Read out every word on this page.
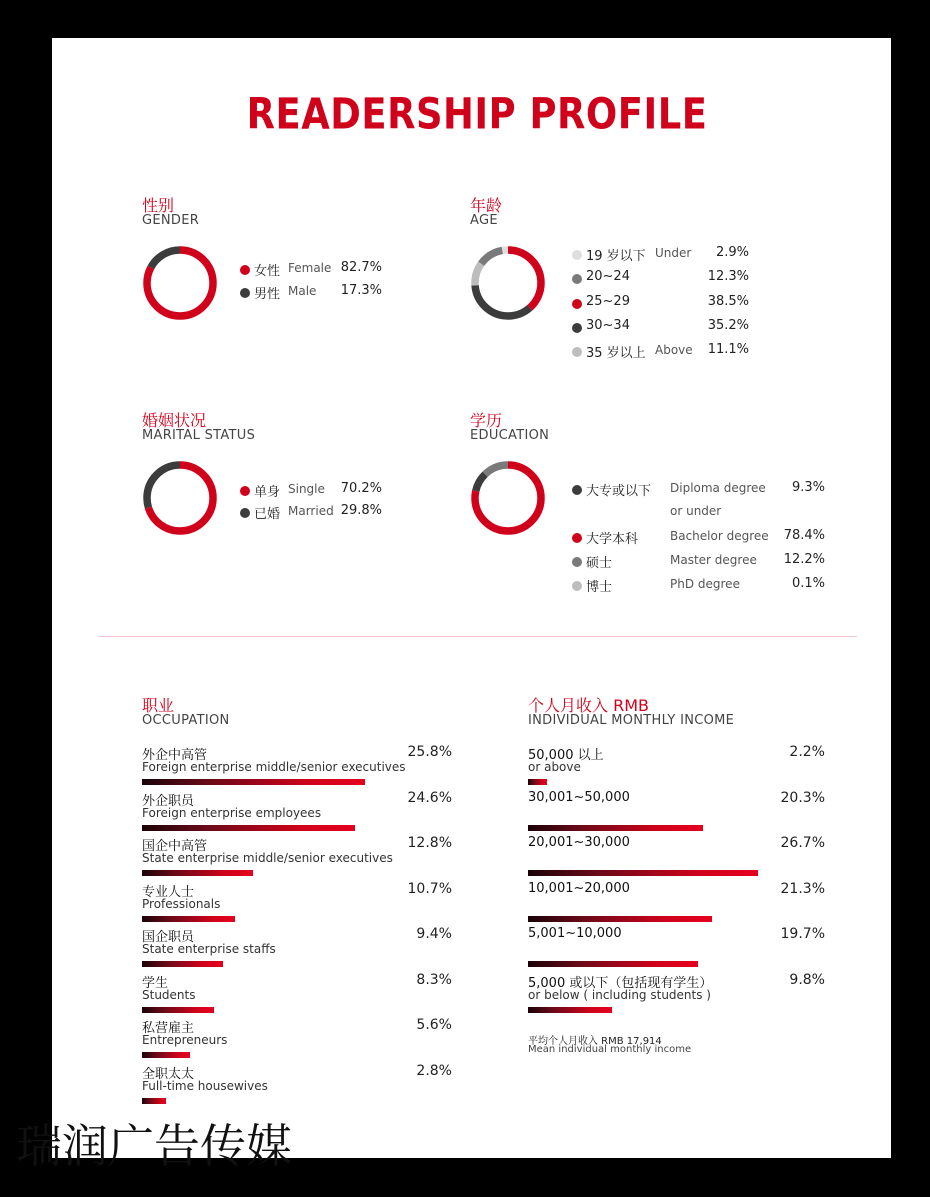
READERSHIP PROFILE
性别
GENDER
年龄
AGE
婚姻状况
MARITAL STATUS
学历
EDUCATION
职业
OCCUPATION
个人月收入 RMB
INDIVIDUAL MONTHLY INCOME
平均个人月收入 RMB 17,914
Mean individual monthly income
女性 Female 82.7%
男性 Male	17.3%
19 岁以下 Under	2.9%
20~24	12.3%
25~29	38.5%
30~34	35.2%
35 岁以上 Above	11.1%
单身 Single	70.2%
已婚 Married 29.8%
大专或以下 Diploma degree
or under
9.3%
大学本科	Bachelor degree	78.4%
硕士	Master degree	12.2%
博士	PhD degree	0.1%
外企中高管
Foreign enterprise middle/senior executives
25.8%
外企职员
Foreign enterprise employees
24.6%
国企中高管
State enterprise middle/senior executives
12.8%
专业人士
Professionals
10.7%
国企职员
State enterprise staffs
9.4%
学生
Students
8.3%
私营雇主
Entrepreneurs
5.6%
全职太太
Full-time housewives
2.8%
50,000 以上
or above
2.2%
30,001~50,000	20.3%
20,001~30,000	26.7%
10,001~20,000	21.3%
5,001~10,000	19.7%
5,000 或以下（包括现有学生）
or below ( including students )
9.8%
瑞润广告传媒
